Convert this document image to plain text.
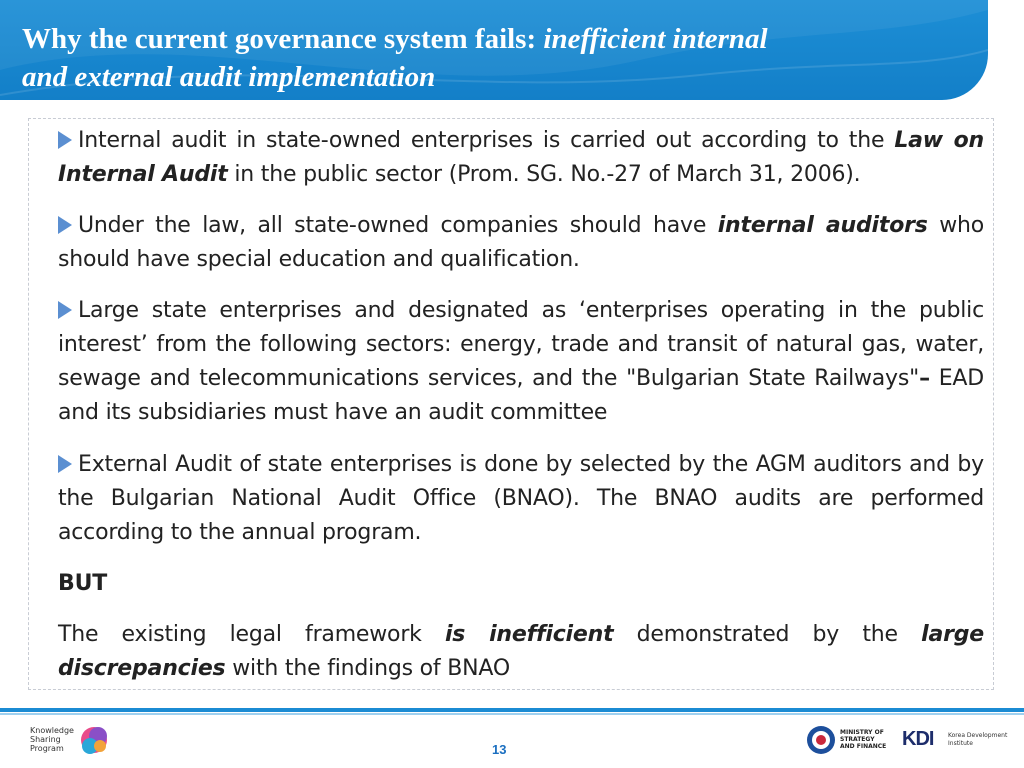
Why the current governance system fails: inefficient internal
and external audit implementation

Internal audit in state-owned enterprises is carried out according to the Law on Internal Audit in the public sector (Prom. SG. No.-27 of March 31, 2006).

Under the law, all state-owned companies should have internal auditors who should have special education and qualification.

Large state enterprises and designated as ‘enterprises operating in the public interest’ from the following sectors: energy, trade and transit of natural gas, water, sewage and telecommunications services, and the "Bulgarian State Railways"– EAD and its subsidiaries must have an audit committee

External Audit of state enterprises is done by selected by the AGM auditors and by the Bulgarian National Audit Office (BNAO). The BNAO audits are performed according to the annual program.

BUT

The existing legal framework is inefficient demonstrated by the large discrepancies with the findings of BNAO

Knowledge
Sharing
Program	13
MINISTRY OF
STRATEGY
AND FINANCE KDI Korea Development
Institute
